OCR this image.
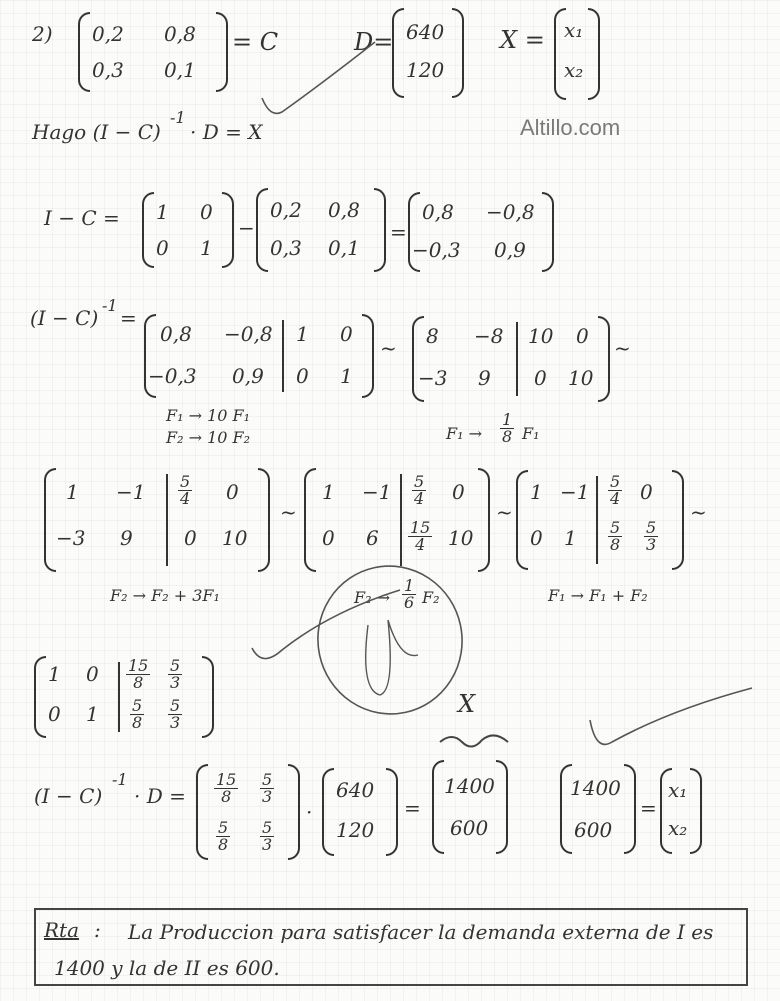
Altillo.com
2) 0,2 0,8
0,3 0,1
= C	D= 640
120
X = x₁
x₂
Hago (I − C)
-1
· D = X
I − C = 1 0
0 1
−
0,2 0,8
0,3 0,1
=
0,8 −0,8
−0,3 0,9
(I − C)
-1
=
0,8 −0,8 1 0
−0,3 0,9 0 1
~ 8 −8 10 0
−3 9 0 10
~
F₁ → 10 F₁
F₂ → 10 F₂	$F_1 \to \frac{1}{8} F_1$
$1 -1 \frac{5}{4} 0$
−3 9	0 10
~
$1 -1 \frac{5}{4} 0$
0 $6 \frac{15}{4} 10$
~
$1 -1 \frac{5}{4} 0$
0 $1 \frac{5}{8} \frac{5}{3}$
~
F₂ → F₂ + 3F₁	$F_2 \to \frac{1}{6} F_2$	F₁ → F₁ + F₂
1 $0 \frac{15}{8} \frac{5}{3}$
0 $1 \frac{5}{8} \frac{5}{3}$
(I − C)
-1
· $D = \frac{15}{8} \frac{5}{3}$
$\frac{5}{8} \frac{5}{3}$
·
640
120
=
X
1400
600
1400
600
=
x₁
x₂
Rta : La Produccion para satisfacer la demanda externa de I es
1400 y la de II es 600.
